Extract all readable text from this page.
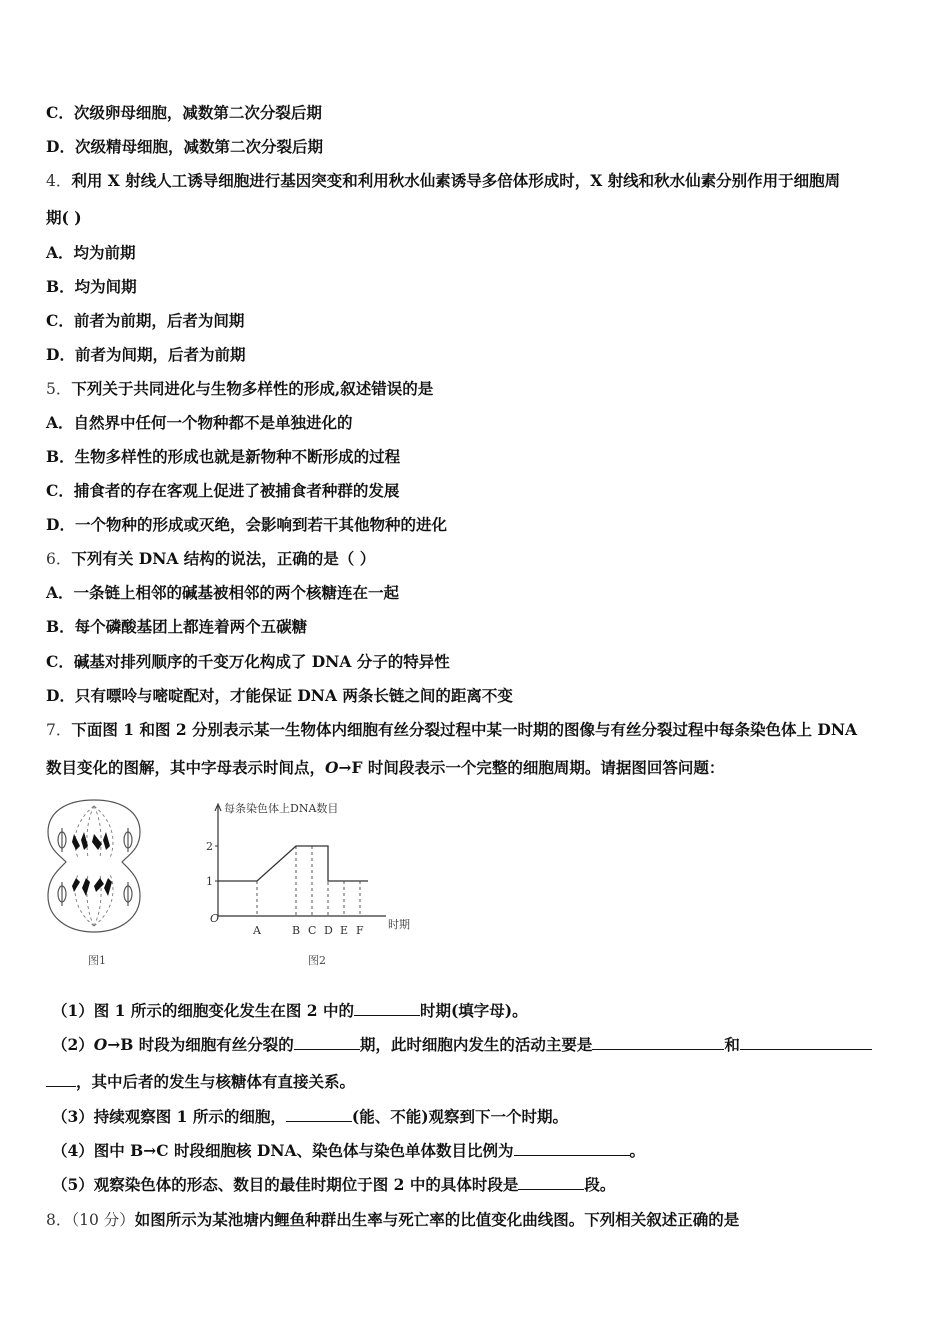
C．次级卵母细胞，减数第二次分裂后期
D．次级精母细胞，减数第二次分裂后期
4．利用 X 射线人工诱导细胞进行基因突变和利用秋水仙素诱导多倍体形成时，X 射线和秋水仙素分别作用于细胞周
期( )
A．均为前期
B．均为间期
C．前者为前期，后者为间期
D．前者为间期，后者为前期
5．下列关于共同进化与生物多样性的形成,叙述错误的是
A．自然界中任何一个物种都不是单独进化的
B．生物多样性的形成也就是新物种不断形成的过程
C．捕食者的存在客观上促进了被捕食者种群的发展
D．一个物种的形成或灭绝，会影响到若干其他物种的进化
6．下列有关 DNA 结构的说法，正确的是（ ）
A．一条链上相邻的碱基被相邻的两个核糖连在一起
B．每个磷酸基团上都连着两个五碳糖
C．碱基对排列顺序的千变万化构成了 DNA 分子的特异性
D．只有嘌呤与嘧啶配对，才能保证 DNA 两条长链之间的距离不变
7．下面图 1 和图 2 分别表示某一生物体内细胞有丝分裂过程中某一时期的图像与有丝分裂过程中每条染色体上 DNA
数目变化的图解，其中字母表示时间点，O→F 时间段表示一个完整的细胞周期。请据图回答问题：
图1
O
每条染色体上DNA数目
时期
1
2
A	B C D E F
图2
（1）图 1 所示的细胞变化发生在图 2 中的	时期(填字母)。
（2）O→B 时段为细胞有丝分裂的	期，此时细胞内发生的活动主要是	和
，其中后者的发生与核糖体有直接关系。
（3）持续观察图 1 所示的细胞，	(能、不能)观察到下一个时期。
（4）图中 B→C 时段细胞核 DNA、染色体与染色单体数目比例为	。
（5）观察染色体的形态、数目的最佳时期位于图 2 中的具体时段是	段。
8．（10 分）如图所示为某池塘内鲤鱼种群出生率与死亡率的比值变化曲线图。下列相关叙述正确的是
